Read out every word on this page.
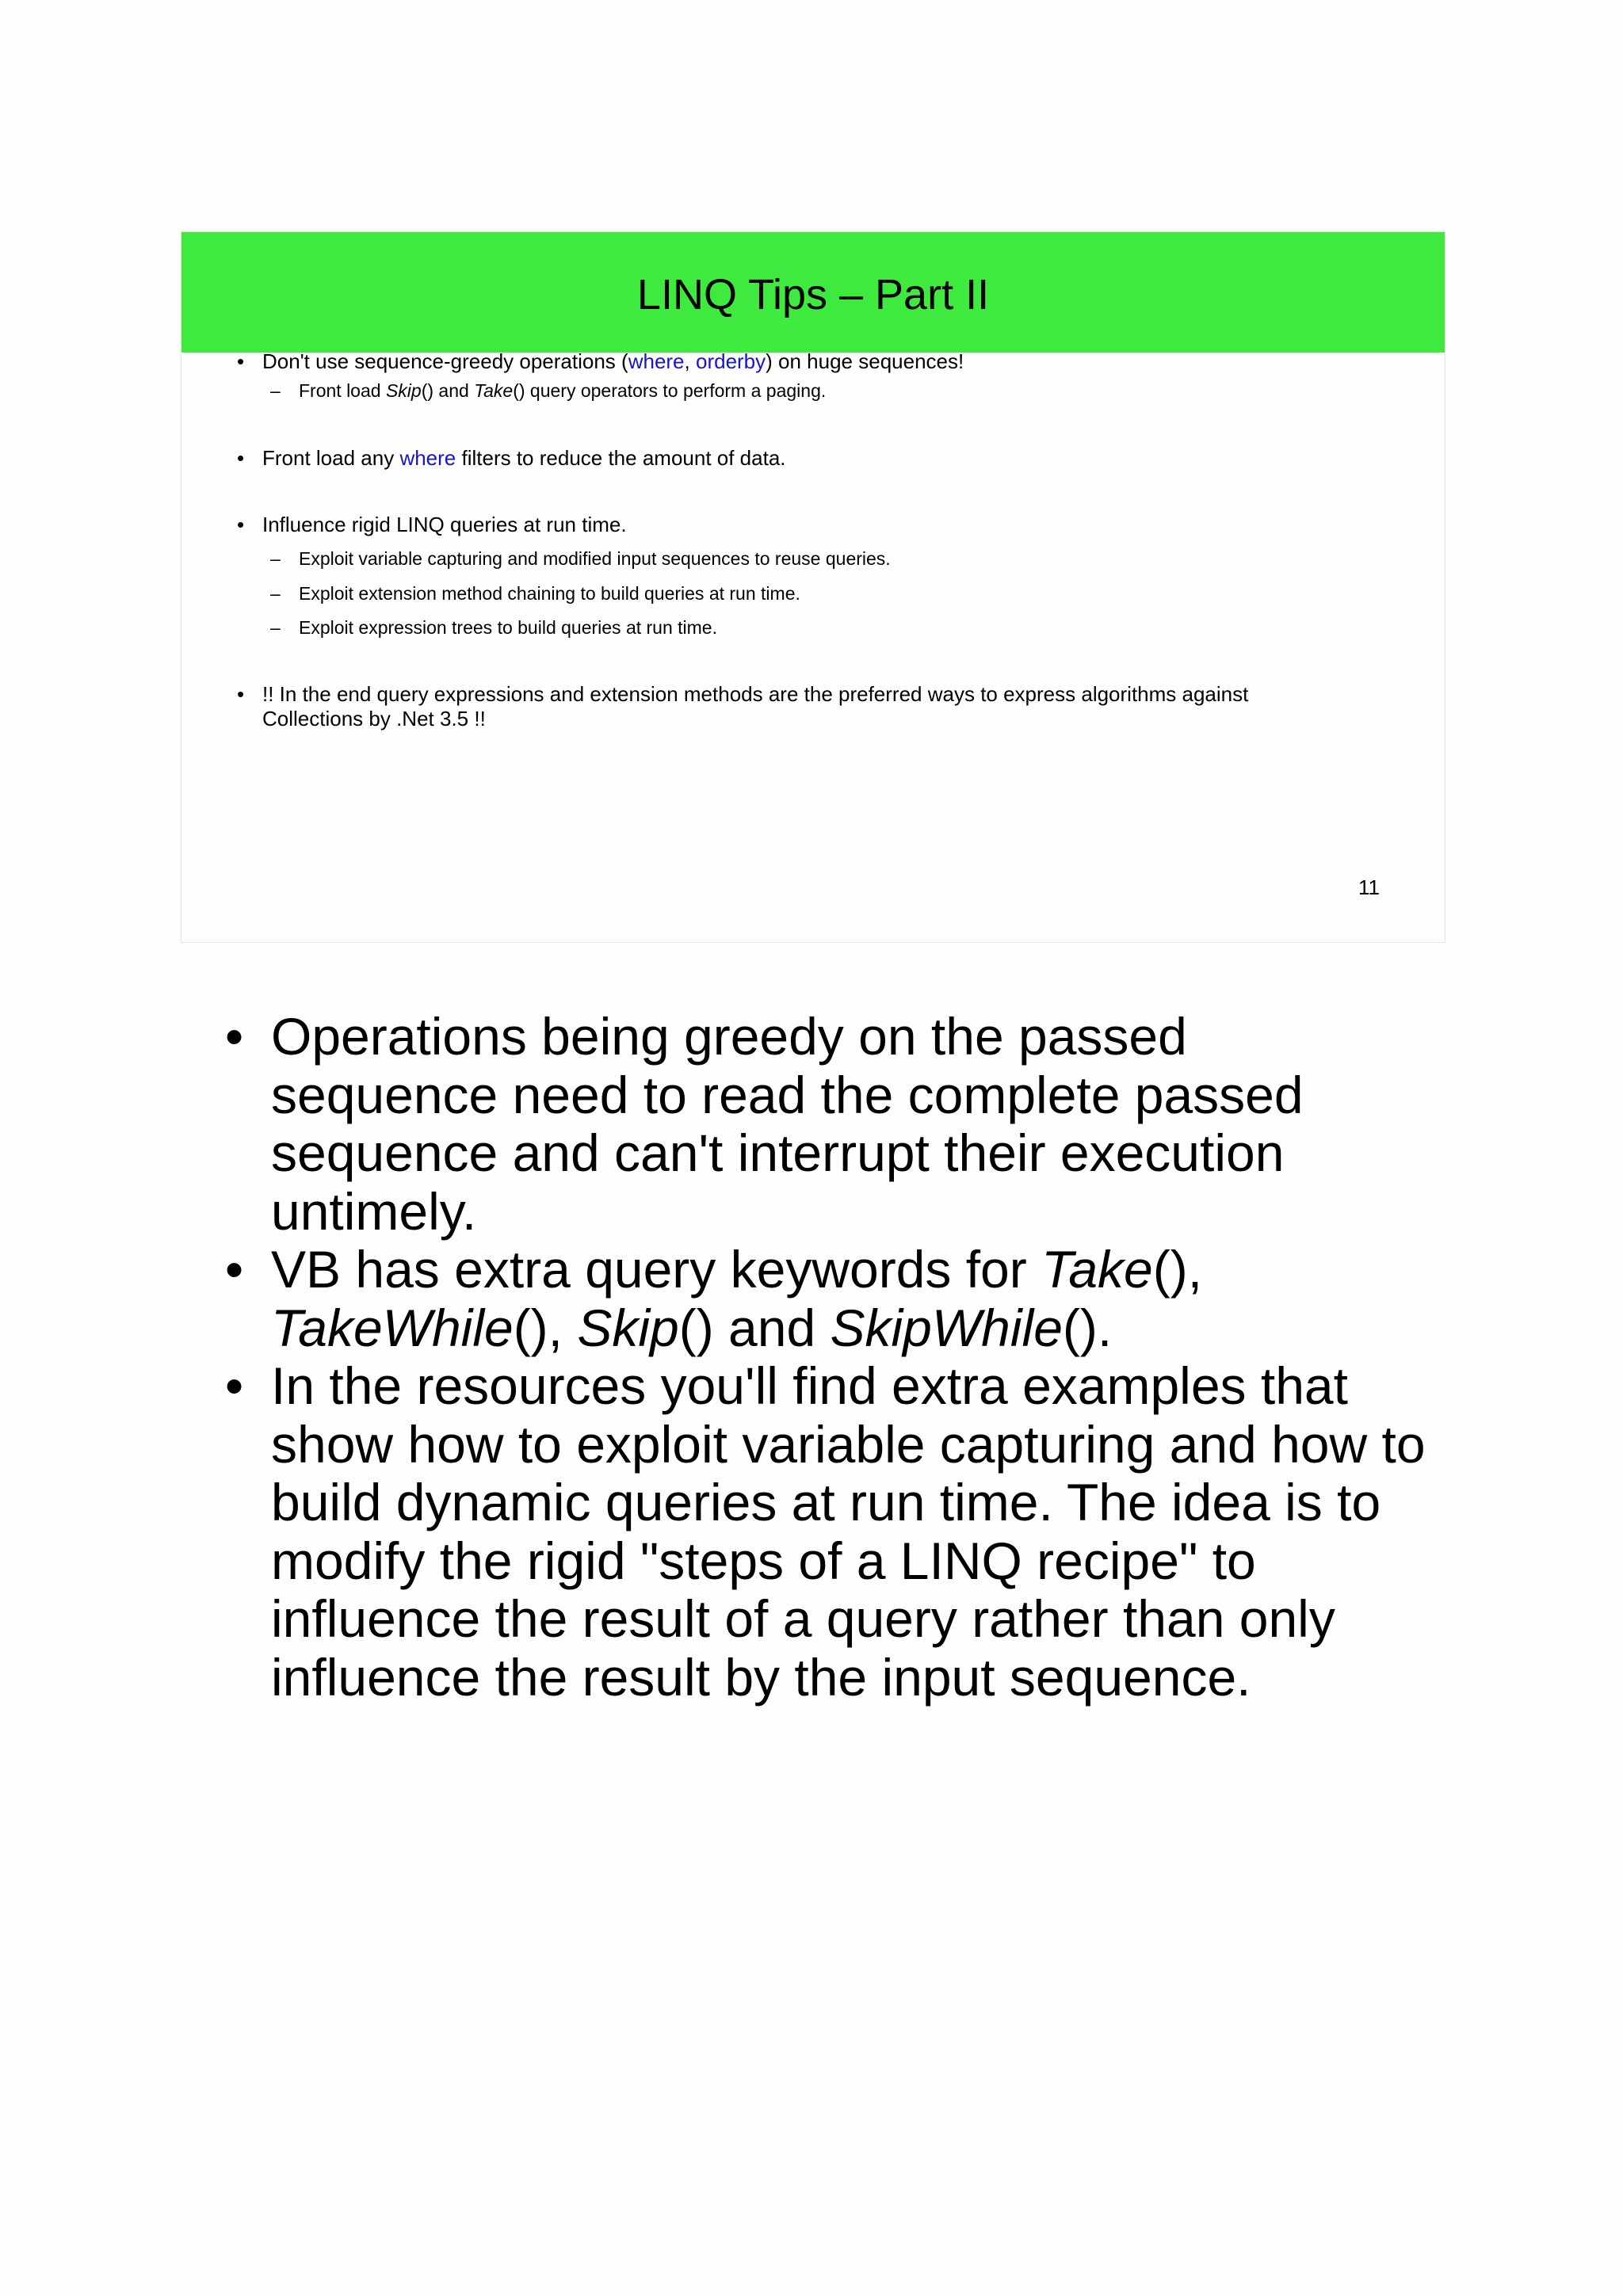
LINQ Tips – Part II
• Don't use sequence-greedy operations (where, orderby) on huge sequences!
– Front load Skip() and Take() query operators to perform a paging.
• Front load any where filters to reduce the amount of data.
• Influence rigid LINQ queries at run time.
– Exploit variable capturing and modified input sequences to reuse queries.
– Exploit extension method chaining to build queries at run time.
– Exploit expression trees to build queries at run time.
• !! In the end query expressions and extension methods are the preferred ways to express algorithms against
Collections by .Net 3.5 !!
11
• Operations being greedy on the passed
sequence need to read the complete passed
sequence and can't interrupt their execution
untimely.
• VB has extra query keywords for Take(),
TakeWhile(), Skip() and SkipWhile().
• In the resources you'll find extra examples that
show how to exploit variable capturing and how to
build dynamic queries at run time. The idea is to
modify the rigid "steps of a LINQ recipe" to
influence the result of a query rather than only
influence the result by the input sequence.
